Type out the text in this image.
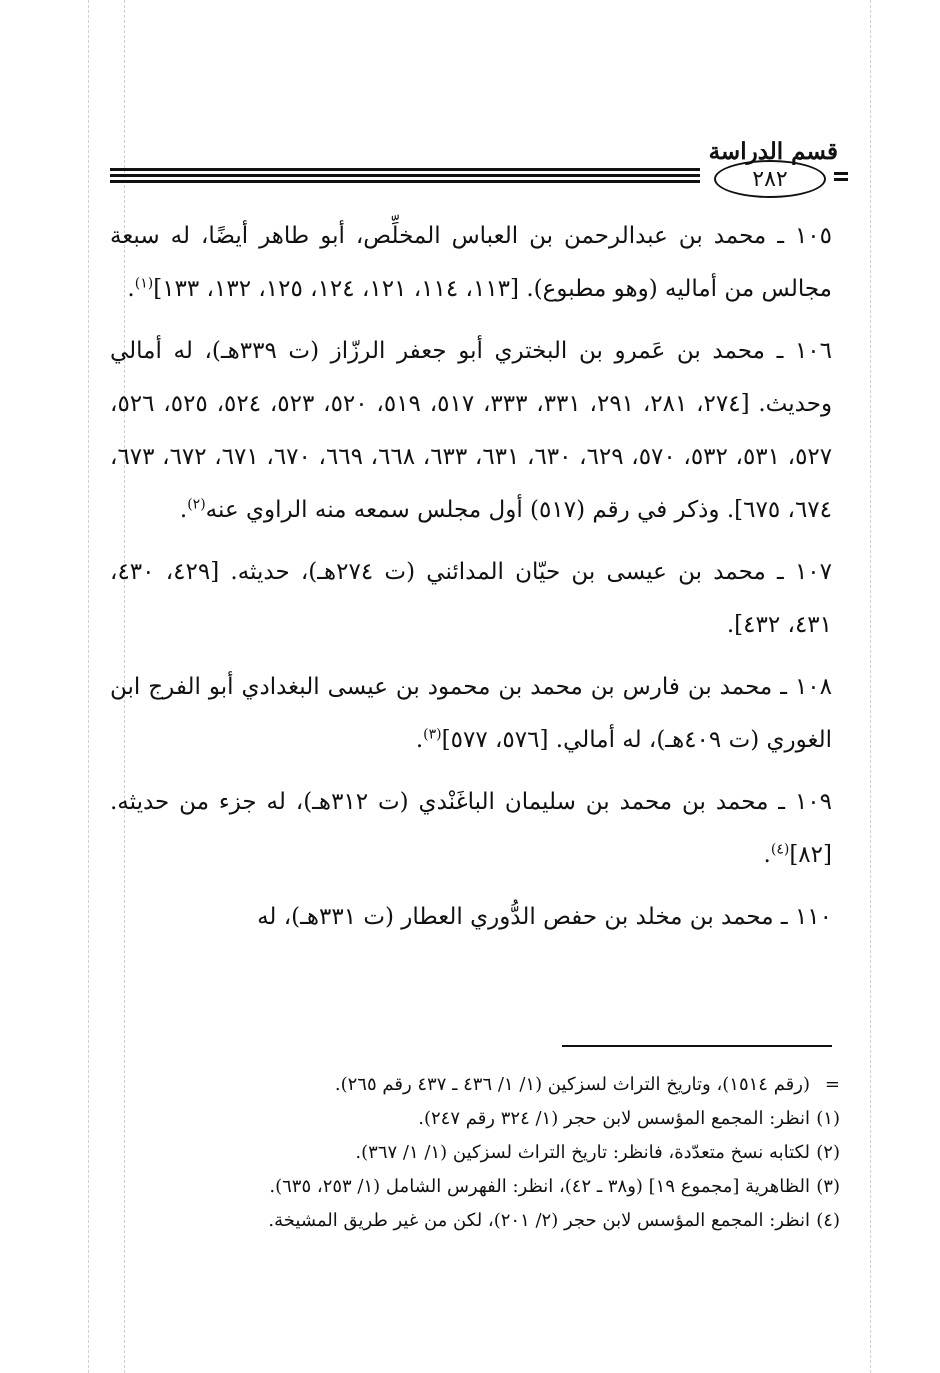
قسم الدراسة
٢٨٢

١٠٥ ـ محمد بن عبدالرحمن بن العباس المخلِّص، أبو طاهر أيضًا، له سبعة مجالس من أماليه (وهو مطبوع). [١١٣، ١١٤، ١٢١، ١٢٤، ١٢٥، ١٣٢، ١٣٣]$^{(١)}$.

١٠٦ ـ محمد بن عَمرو بن البختري أبو جعفر الرزّاز (ت ٣٣٩هـ)، له أمالي وحديث. [٢٧٤، ٢٨١، ٢٩١، ٣٣١، ٣٣٣، ٥١٧، ٥١٩، ٥٢٠، ٥٢٣، ٥٢٤، ٥٢٥، ٥٢٦، ٥٢٧، ٥٣١، ٥٣٢، ٥٧٠، ٦٢٩، ٦٣٠، ٦٣١، ٦٣٣، ٦٦٨، ٦٦٩، ٦٧٠، ٦٧١، ٦٧٢، ٦٧٣، ٦٧٤، ٦٧٥]. وذكر في رقم (٥١٧) أول مجلس سمعه منه الراوي عنه$^{(٢)}$.

١٠٧ ـ محمد بن عيسى بن حيّان المدائني (ت ٢٧٤هـ)، حديثه. [٤٢٩، ٤٣٠، ٤٣١، ٤٣٢].

١٠٨ ـ محمد بن فارس بن محمد بن محمود بن عيسى البغدادي أبو الفرج ابن الغوري (ت ٤٠٩هـ)، له أمالي. [٥٧٦، ٥٧٧]$^{(٣)}$.

١٠٩ ـ محمد بن محمد بن سليمان الباغَنْدي (ت ٣١٢هـ)، له جزء من حديثه. [٨٢]$^{(٤)}$.

١١٠ ـ محمد بن مخلد بن حفص الدُّوري العطار (ت ٣٣١هـ)، له

=
(رقم ١٥١٤)، وتاريخ التراث لسزكين (١/ ١/ ٤٣٦ ـ ٤٣٧ رقم ٢٦٥).
(١)
انظر: المجمع المؤسس لابن حجر (١/ ٣٢٤ رقم ٢٤٧).
(٢)
لكتابه نسخ متعدّدة، فانظر: تاريخ التراث لسزكين (١/ ١/ ٣٦٧).
(٣)
الظاهرية [مجموع ١٩] (و٣٨ ـ ٤٢)، انظر: الفهرس الشامل (١/ ٢٥٣، ٦٣٥).
(٤)
انظر: المجمع المؤسس لابن حجر (٢/ ٢٠١)، لكن من غير طريق المشيخة.
